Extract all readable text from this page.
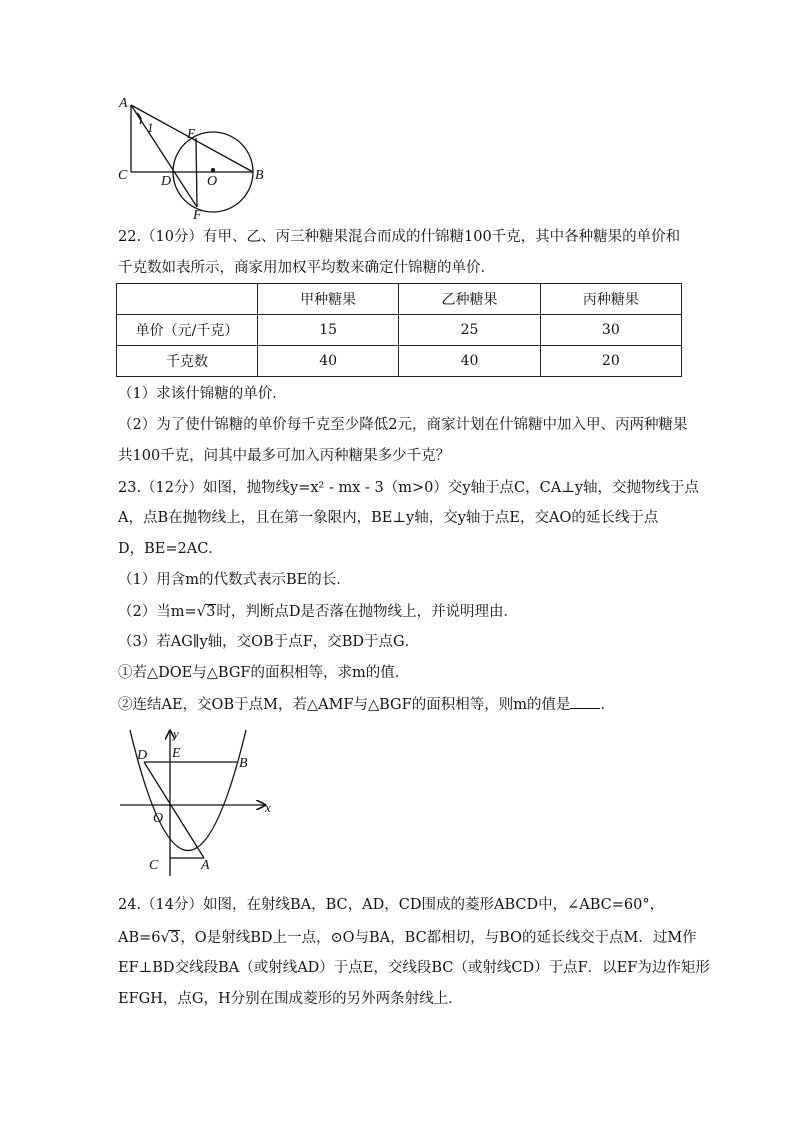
A
1 E
C D	O	B
F
22.（10分）有甲、乙、丙三种糖果混合而成的什锦糖100千克，其中各种糖果的单价和
千克数如表所示，商家用加权平均数来确定什锦糖的单价．
	甲种糖果	乙种糖果	丙种糖果
单价（元/千克）	15	25	30
千克数	40	40	20
（1）求该什锦糖的单价．
（2）为了使什锦糖的单价每千克至少降低2元，商家计划在什锦糖中加入甲、丙两种糖果
共100千克，问其中最多可加入丙种糖果多少千克？
23.（12分）如图，抛物线y=x² - mx - 3（m>0）交y轴于点C，CA⊥y轴，交抛物线于点
A，点B在抛物线上，且在第一象限内，BE⊥y轴，交y轴于点E，交AO的延长线于点
D，BE=2AC．
（1）用含m的代数式表示BE的长．
（2）当m=√3时，判断点D是否落在抛物线上，并说明理由．
（3）若AG∥y轴，交OB于点F，交BD于点G．
①若△DOE与△BGF的面积相等，求m的值．
②连结AE，交OB于点M，若△AMF与△BGF的面积相等，则m的值是 ．
y
x
D E
B
O
C	A
24.（14分）如图，在射线BA，BC，AD，CD围成的菱形ABCD中，∠ABC=60°，
AB=6√3，O是射线BD上一点，⊙O与BA，BC都相切，与BO的延长线交于点M．过M作
EF⊥BD交线段BA（或射线AD）于点E，交线段BC（或射线CD）于点F．以EF为边作矩形
EFGH，点G，H分别在围成菱形的另外两条射线上．
